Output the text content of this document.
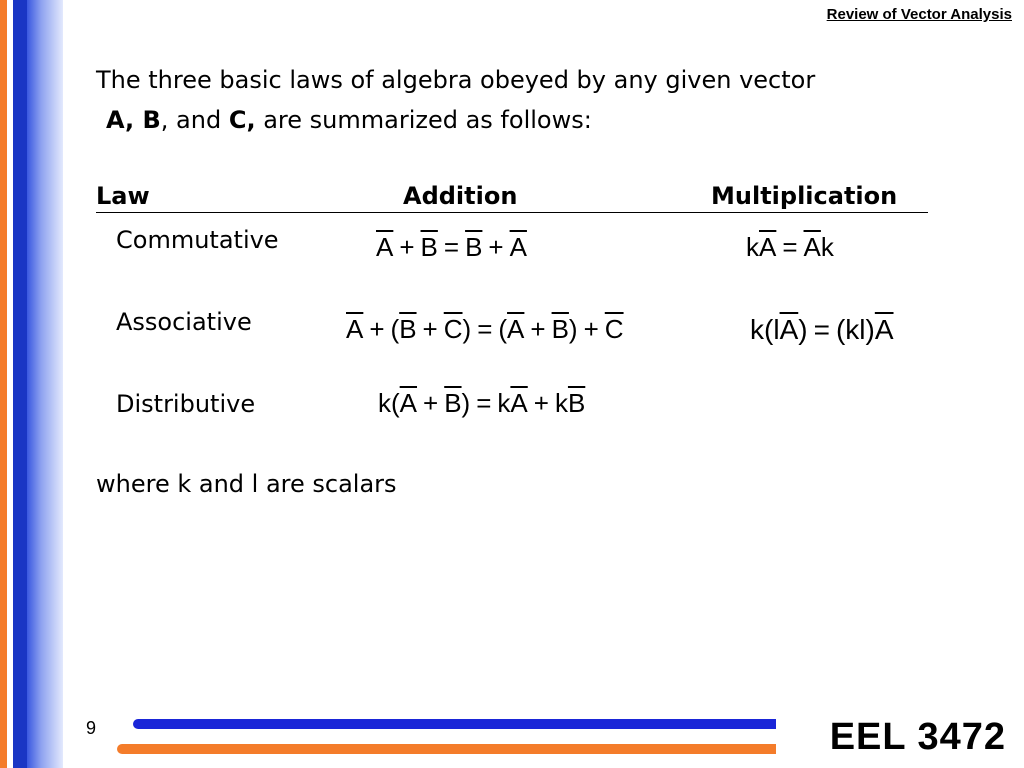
Review of Vector Analysis
The three basic laws of algebra obeyed by any given vector
A, B, and C, are summarized as follows:
Law	Addition	Multiplication
Commutative	$\overline{A} + \overline{B} = \overline{B} + \overline{A}$	$k\overline{A} = \overline{A}k$
Associative	$\overline{A} + (\overline{B} + \overline{C}) = (\overline{A} + \overline{B}) + \overline{C}$	$k(l\overline{A}) = (kl)\overline{A}$
Distributive	$k(\overline{A} + \overline{B}) = k\overline{A} + k\overline{B}$
where k and l are scalars
9	EEL 3472
